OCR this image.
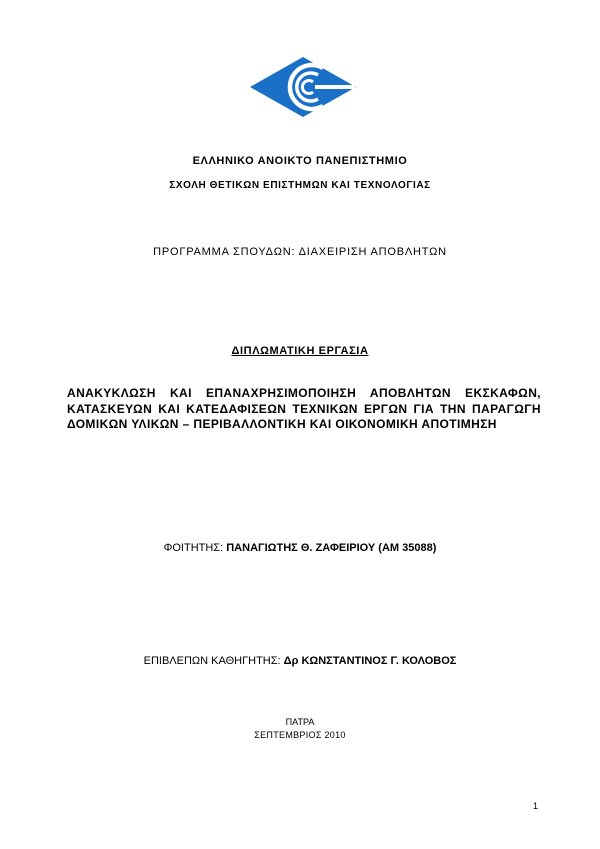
ΕΛΛΗΝΙΚΟ ΑΝΟΙΚΤΟ ΠΑΝΕΠΙΣΤΗΜΙΟ
ΣΧΟΛΗ ΘΕΤΙΚΩΝ ΕΠΙΣΤΗΜΩΝ ΚΑΙ ΤΕΧΝΟΛΟΓΙΑΣ
ΠΡΟΓΡΑΜΜΑ ΣΠΟΥΔΩΝ: ΔΙΑΧΕΙΡΙΣΗ ΑΠΟΒΛΗΤΩΝ
ΔΙΠΛΩΜΑΤΙΚΗ ΕΡΓΑΣΙΑ
ΑΝΑΚΥΚΛΩΣΗ ΚΑΙ ΕΠΑΝΑΧΡΗΣΙΜΟΠΟΙΗΣΗ ΑΠΟΒΛΗΤΩΝ ΕΚΣΚΑΦΩΝ, ΚΑΤΑΣΚΕΥΩΝ ΚΑΙ ΚΑΤΕΔΑΦΙΣΕΩΝ ΤΕΧΝΙΚΩΝ ΕΡΓΩΝ ΓΙΑ ΤΗΝ ΠΑΡΑΓΩΓΗ ΔΟΜΙΚΩΝ ΥΛΙΚΩΝ – ΠΕΡΙΒΑΛΛΟΝΤΙΚΗ ΚΑΙ ΟΙΚΟΝΟΜΙΚΗ ΑΠΟΤΙΜΗΣΗ
ΦΟΙΤΗΤΗΣ: ΠΑΝΑΓΙΩΤΗΣ Θ. ΖΑΦΕΙΡΙΟΥ (ΑΜ 35088)
ΕΠΙΒΛΕΠΩΝ ΚΑΘΗΓΗΤΗΣ: Δρ ΚΩΝΣΤΑΝΤΙΝΟΣ Γ. ΚΟΛΟΒΟΣ
ΠΑΤΡΑ
ΣΕΠΤΕΜΒΡΙΟΣ 2010
1
